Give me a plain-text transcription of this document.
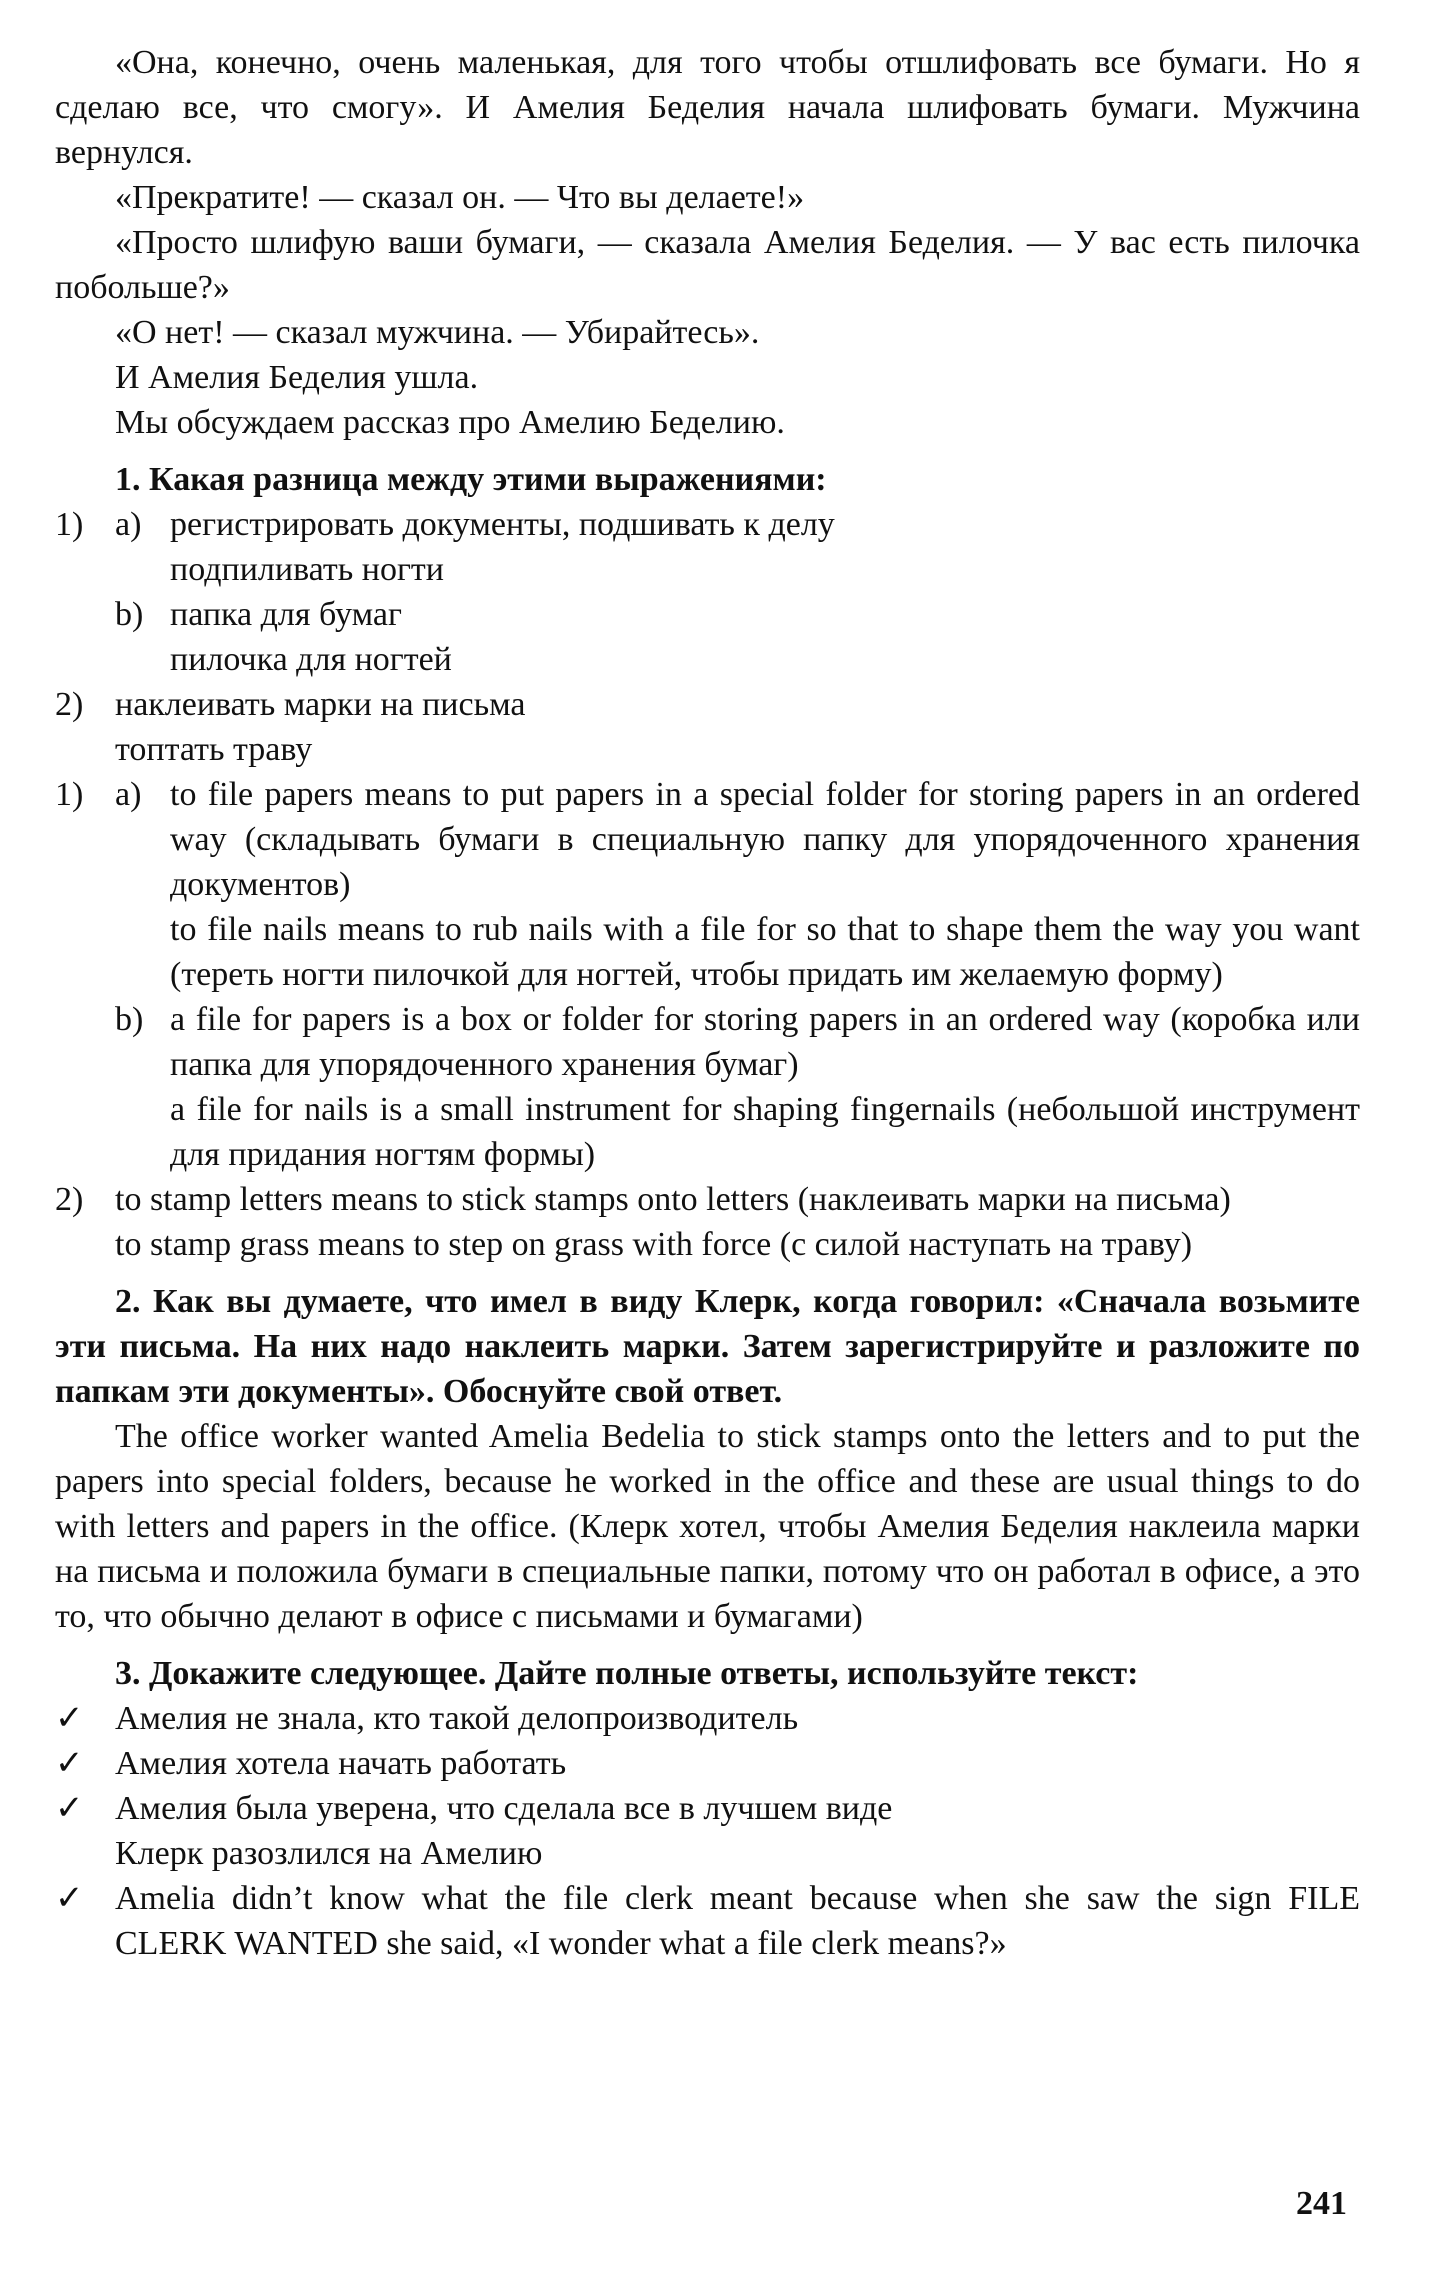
«Она, конечно, очень маленькая, для того чтобы отшлифовать все бумаги. Но я сделаю все, что смогу». И Амелия Беделия начала шлифовать бумаги. Мужчина вернулся.

«Прекратите! — сказал он. — Что вы делаете!»

«Просто шлифую ваши бумаги, — сказала Амелия Беделия. — У вас есть пилочка побольше?»

«О нет! — сказал мужчина. — Убирайтесь».

И Амелия Беделия ушла.

Мы обсуждаем рассказ про Амелию Беделию.

1. Какая разница между этими выражениями:

1) a) регистрировать документы, подшивать к делу

подпиливать ногти

b) папка для бумаг

пилочка для ногтей

2) наклеивать марки на письма

топтать траву

1) a) to file papers means to put papers in a special folder for storing papers in an ordered way (складывать бумаги в специальную папку для упорядоченного хранения документов)
to file nails means to rub nails with a file for so that to shape them the way you want (тереть ногти пилочкой для ногтей, чтобы придать им желаемую форму)
b) a file for papers is a box or folder for storing papers in an ordered way (коробка или папка для упорядоченного хранения бумаг)
a file for nails is a small instrument for shaping fingernails (небольшой инструмент для придания ногтям формы)
2) to stamp letters means to stick stamps onto letters (наклеивать марки на письма)

to stamp grass means to step on grass with force (с силой наступать на траву)

2. Как вы думаете, что имел в виду Клерк, когда говорил: «Сначала возьмите эти письма. На них надо наклеить марки. Затем зарегистрируйте и разложите по папкам эти документы». Обоснуйте свой ответ.

The office worker wanted Amelia Bedelia to stick stamps onto the letters and to put the papers into special folders, because he worked in the office and these are usual things to do with letters and papers in the office. (Клерк хотел, чтобы Амелия Беделия наклеила марки на письма и положила бумаги в специальные папки, потому что он работал в офисе, а это то, что обычно делают в офисе с письмами и бумагами)

3. Докажите следующее. Дайте полные ответы, используйте текст:

✓ Амелия не знала, кто такой делопроизводитель
✓ Амелия хотела начать работать
✓ Амелия была уверена, что сделала все в лучшем виде

Клерк разозлился на Амелию

✓ Amelia didn’t know what the file clerk meant because when she saw the sign FILE CLERK WANTED she said, «I wonder what a file clerk means?»
241
